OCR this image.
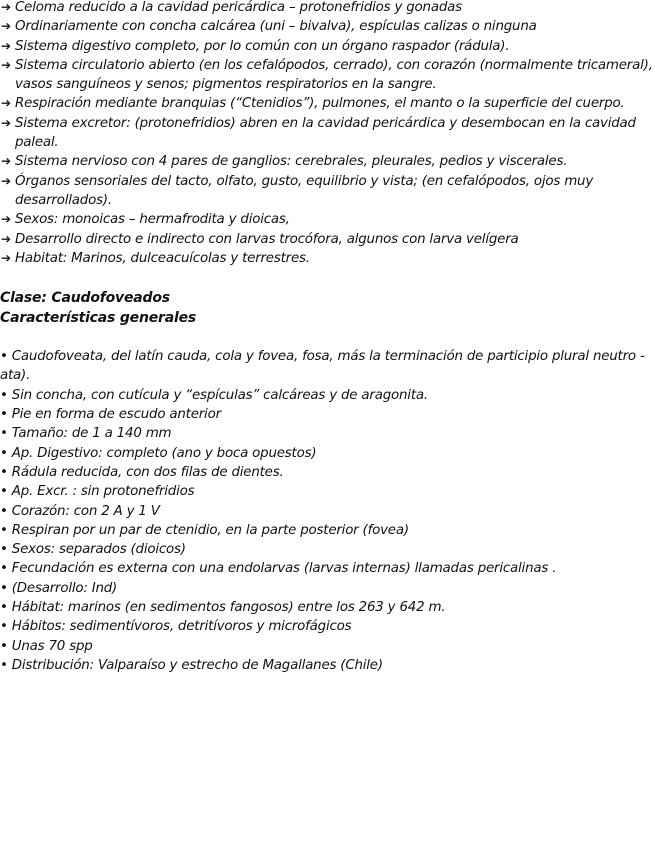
➔ Celoma reducido a la cavidad pericárdica – protonefridios y gonadas
➔ Ordinariamente con concha calcárea (uni – bivalva), espículas calizas o ninguna
➔ Sistema digestivo completo, por lo común con un órgano raspador (rádula).
➔ Sistema circulatorio abierto (en los cefalópodos, cerrado), con corazón (normalmente tricameral), vasos sanguíneos y senos; pigmentos respiratorios en la sangre.
➔ Respiración mediante branquias (“Ctenidios”), pulmones, el manto o la superficie del cuerpo.
➔ Sistema excretor: (protonefridios) abren en la cavidad pericárdica y desembocan en la cavidad paleal.
➔ Sistema nervioso con 4 pares de ganglios: cerebrales, pleurales, pedios y viscerales.
➔ Órganos sensoriales del tacto, olfato, gusto, equilibrio y vista; (en cefalópodos, ojos muy desarrollados).
➔ Sexos: monoicas – hermafrodita y dioicas,
➔ Desarrollo directo e indirecto con larvas trocófora, algunos con larva velígera
➔ Habitat: Marinos, dulceacuícolas y terrestres.
Clase: Caudofoveados
Características generales
• Caudofoveata, del latín cauda, cola y fovea, fosa, más la terminación de participio plural neutro -ata).
• Sin concha, con cutícula y “espículas” calcáreas y de aragonita.
• Pie en forma de escudo anterior
• Tamaño: de 1 a 140 mm
• Ap. Digestivo: completo (ano y boca opuestos)
• Rádula reducida, con dos filas de dientes.
• Ap. Excr. : sin protonefridios
• Corazón: con 2 A y 1 V
• Respiran por un par de ctenidio, en la parte posterior (fovea)
• Sexos: separados (dioicos)
• Fecundación es externa con una endolarvas (larvas internas) llamadas pericalinas .
• (Desarrollo: Ind)
• Hábitat: marinos (en sedimentos fangosos) entre los 263 y 642 m.
• Hábitos: sedimentívoros, detritívoros y microfágicos
• Unas 70 spp
• Distribución: Valparaíso y estrecho de Magallanes (Chile)
